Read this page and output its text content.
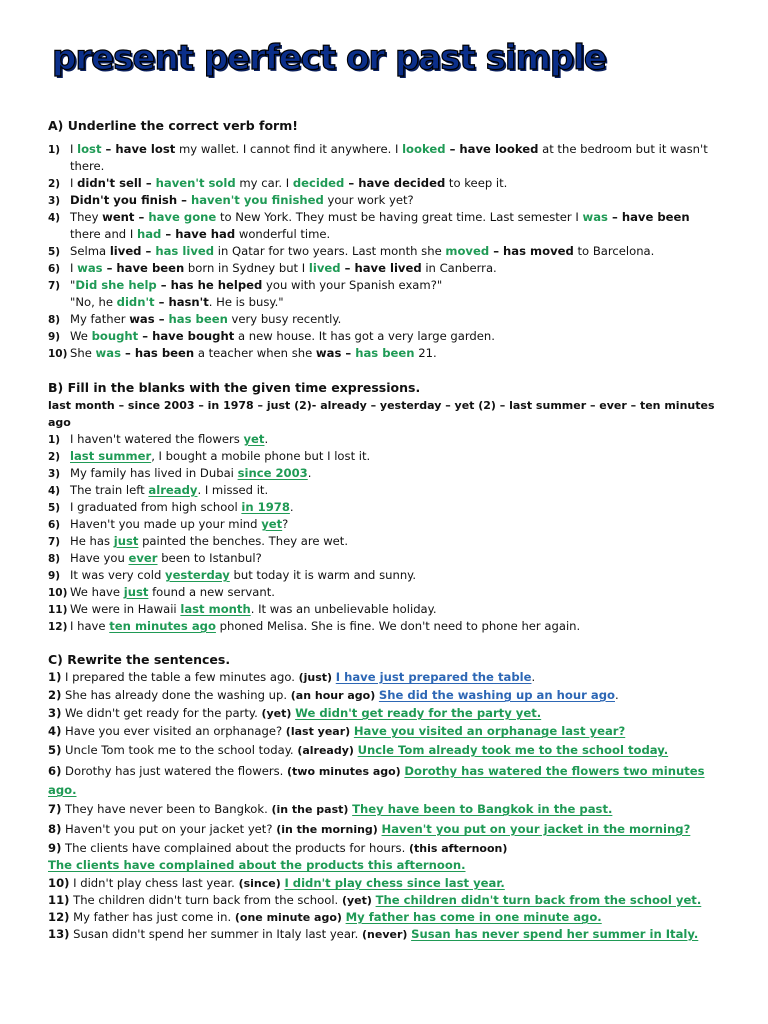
present perfect or past simple
A) Underline the correct verb form!
1) I lost – have lost my wallet. I cannot find it anywhere. I looked – have looked at the bedroom but it wasn't
there.
2) I didn't sell – haven't sold my car. I decided – have decided to keep it.
3) Didn't you finish – haven't you finished your work yet?
4) They went – have gone to New York. They must be having great time. Last semester I was – have been
there and I had – have had wonderful time.
5) Selma lived – has lived in Qatar for two years. Last month she moved – has moved to Barcelona.
6) I was – have been born in Sydney but I lived – have lived in Canberra.
7) "Did she help – has he helped you with your Spanish exam?"
"No, he didn't – hasn't. He is busy."
8) My father was – has been very busy recently.
9) We bought – have bought a new house. It has got a very large garden.
10) She was – has been a teacher when she was – has been 21.
B) Fill in the blanks with the given time expressions.
last month – since 2003 – in 1978 – just (2)- already – yesterday – yet (2) – last summer – ever – ten minutes ago
1) I haven't watered the flowers yet.
2) last summer, I bought a mobile phone but I lost it.
3) My family has lived in Dubai since 2003.
4) The train left already. I missed it.
5) I graduated from high school in 1978.
6) Haven't you made up your mind yet?
7) He has just painted the benches. They are wet.
8) Have you ever been to Istanbul?
9) It was very cold yesterday but today it is warm and sunny.
10) We have just found a new servant.
11) We were in Hawaii last month. It was an unbelievable holiday.
12) I have ten minutes ago phoned Melisa. She is fine. We don't need to phone her again.
C) Rewrite the sentences.
1) I prepared the table a few minutes ago. (just) I have just prepared the table.
2) She has already done the washing up. (an hour ago) She did the washing up an hour ago.
3) We didn't get ready for the party. (yet) We didn't get ready for the party yet.
4) Have you ever visited an orphanage? (last year) Have you visited an orphanage last year?
5) Uncle Tom took me to the school today. (already) Uncle Tom already took me to the school today.
6) Dorothy has just watered the flowers. (two minutes ago) Dorothy has watered the flowers two minutes
ago.
7) They have never been to Bangkok. (in the past) They have been to Bangkok in the past.
8) Haven't you put on your jacket yet? (in the morning) Haven't you put on your jacket in the morning?
9) The clients have complained about the products for hours. (this afternoon)
The clients have complained about the products this afternoon.
10) I didn't play chess last year. (since) I didn't play chess since last year.
11) The children didn't turn back from the school. (yet) The children didn't turn back from the school yet.
12) My father has just come in. (one minute ago) My father has come in one minute ago.
13) Susan didn't spend her summer in Italy last year. (never) Susan has never spend her summer in Italy.
